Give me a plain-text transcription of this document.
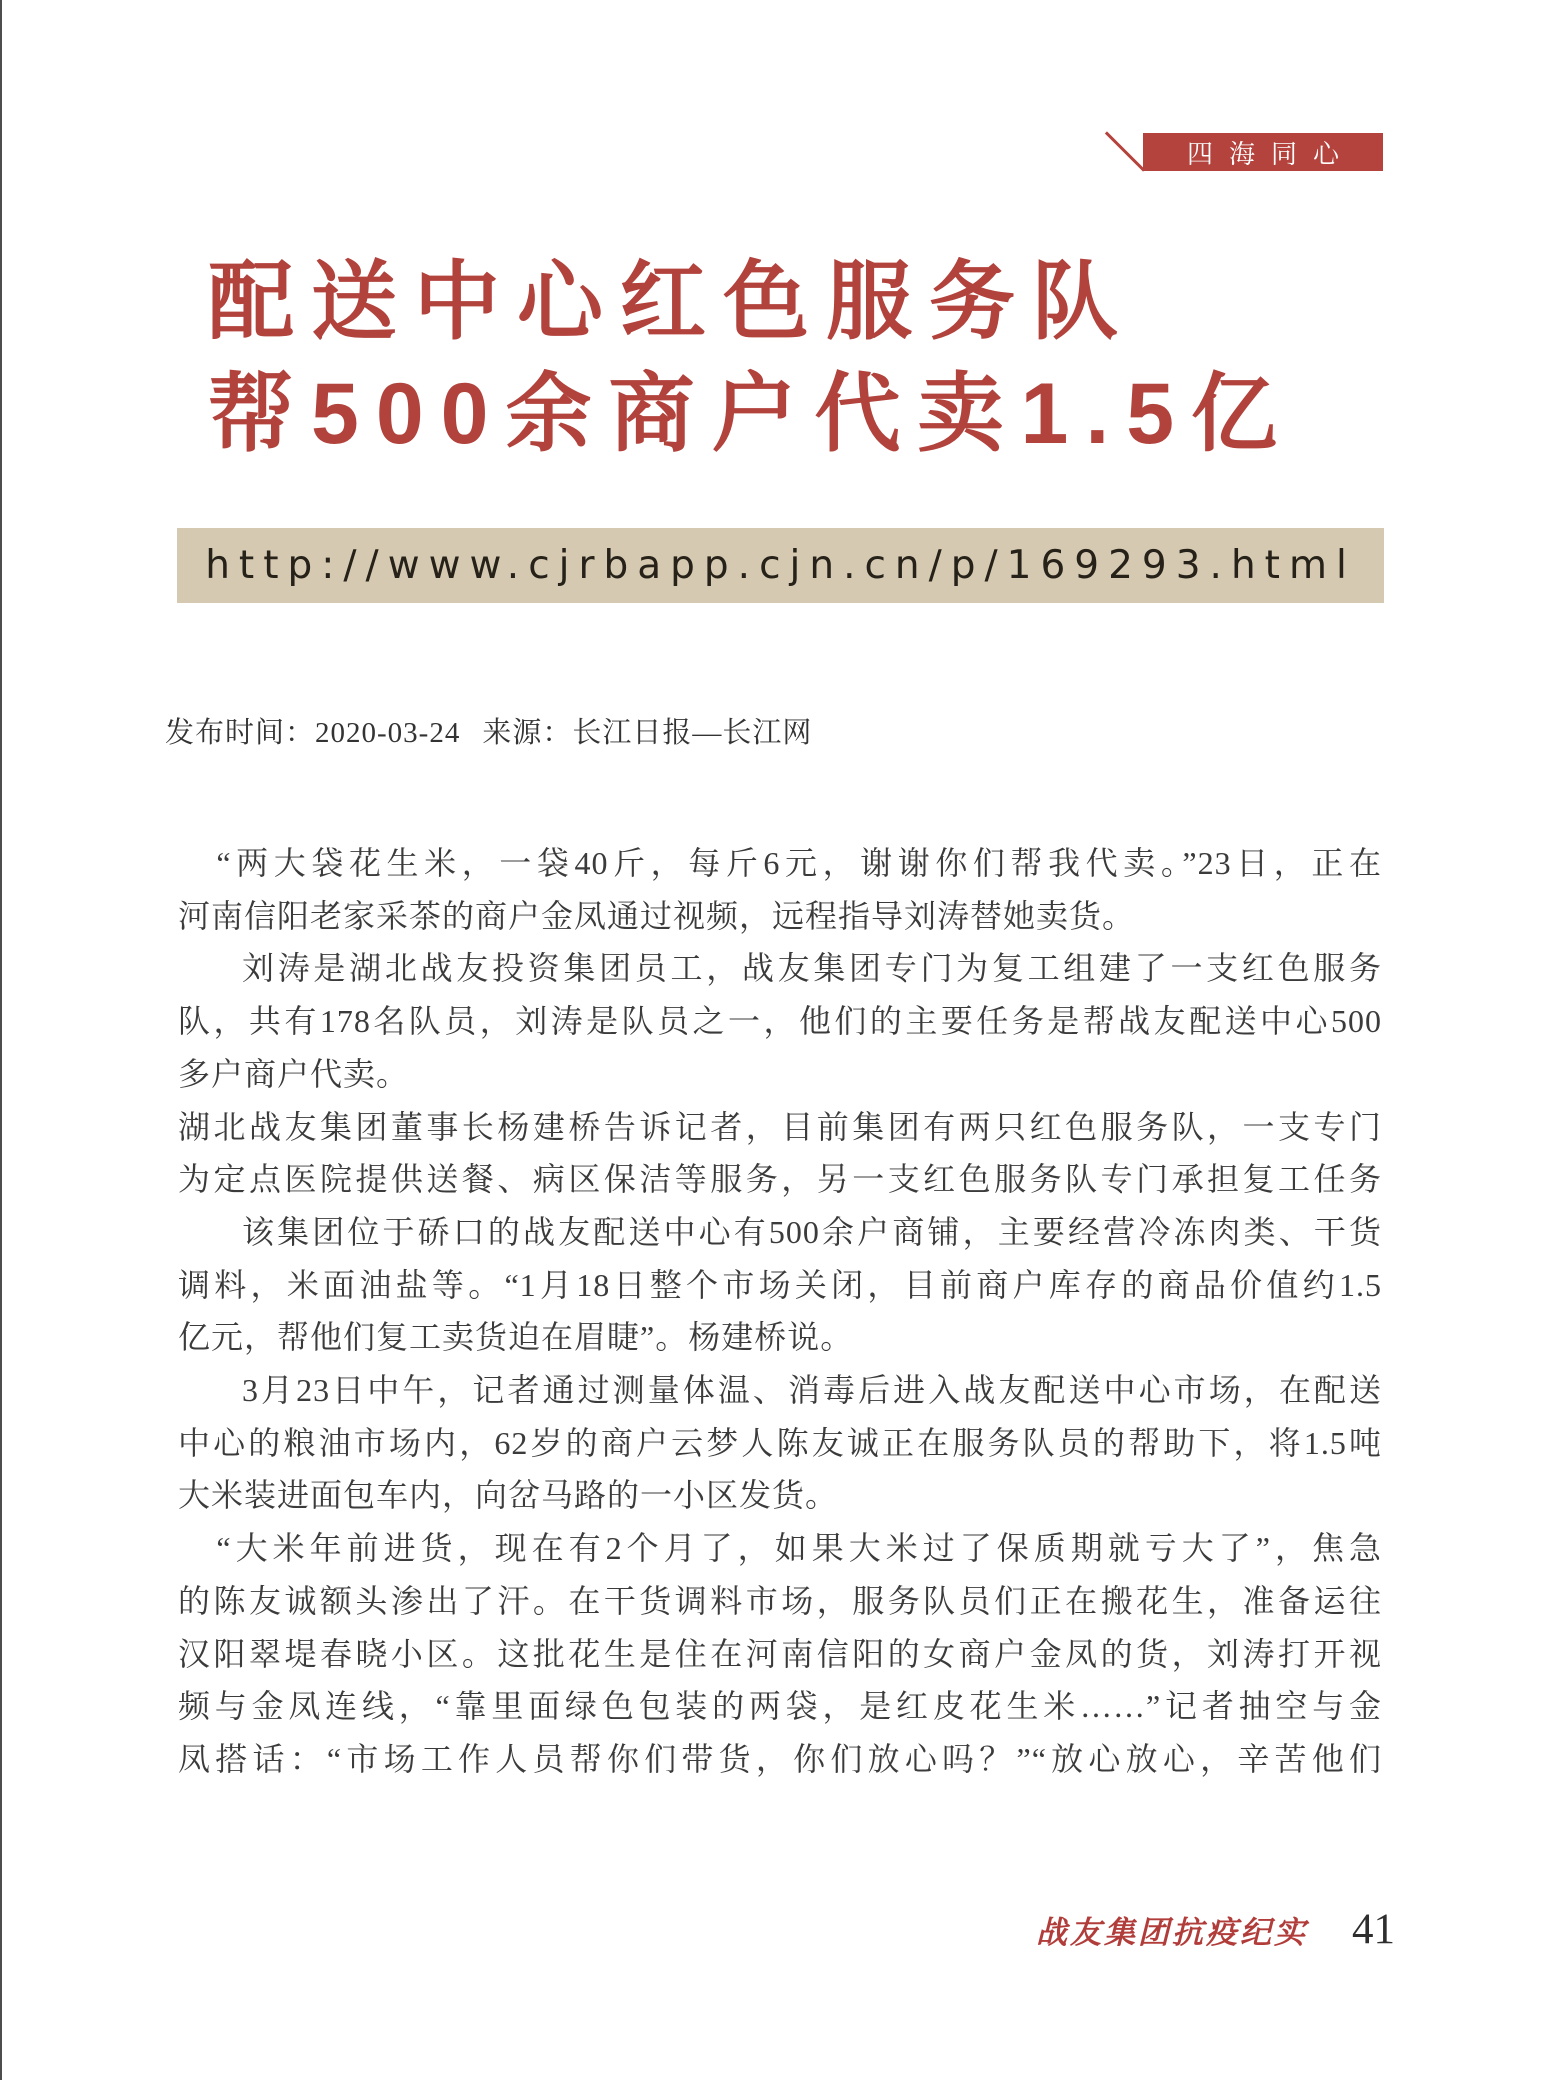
四海同心
配送中心红色服务队
帮500余商户代卖1.5亿
http://www.cjrbapp.cjn.cn/p/169293.html
发布时间：2020-03-24 来源：长江日报—长江网
“两大袋花生米，一袋40斤，每斤6元，谢谢你们帮我代卖。”23日，正在
河南信阳老家采茶的商户金凤通过视频，远程指导刘涛替她卖货。
刘涛是湖北战友投资集团员工，战友集团专门为复工组建了一支红色服务
队，共有178名队员，刘涛是队员之一，他们的主要任务是帮战友配送中心500
多户商户代卖。
湖北战友集团董事长杨建桥告诉记者，目前集团有两只红色服务队，一支专门
为定点医院提供送餐、病区保洁等服务，另一支红色服务队专门承担复工任务
该集团位于硚口的战友配送中心有500余户商铺，主要经营冷冻肉类、干货
调料，米面油盐等。“1月18日整个市场关闭，目前商户库存的商品价值约1.5
亿元，帮他们复工卖货迫在眉睫”。杨建桥说。
3月23日中午，记者通过测量体温、消毒后进入战友配送中心市场，在配送
中心的粮油市场内，62岁的商户云梦人陈友诚正在服务队员的帮助下，将1.5吨
大米装进面包车内，向岔马路的一小区发货。
“大米年前进货，现在有2个月了，如果大米过了保质期就亏大了”，焦急
的陈友诚额头渗出了汗。在干货调料市场，服务队员们正在搬花生，准备运往
汉阳翠堤春晓小区。这批花生是住在河南信阳的女商户金凤的货，刘涛打开视
频与金凤连线，“靠里面绿色包装的两袋，是红皮花生米……”记者抽空与金
凤搭话：“市场工作人员帮你们带货，你们放心吗？”“放心放心，辛苦他们
战友集团抗疫纪实 41
